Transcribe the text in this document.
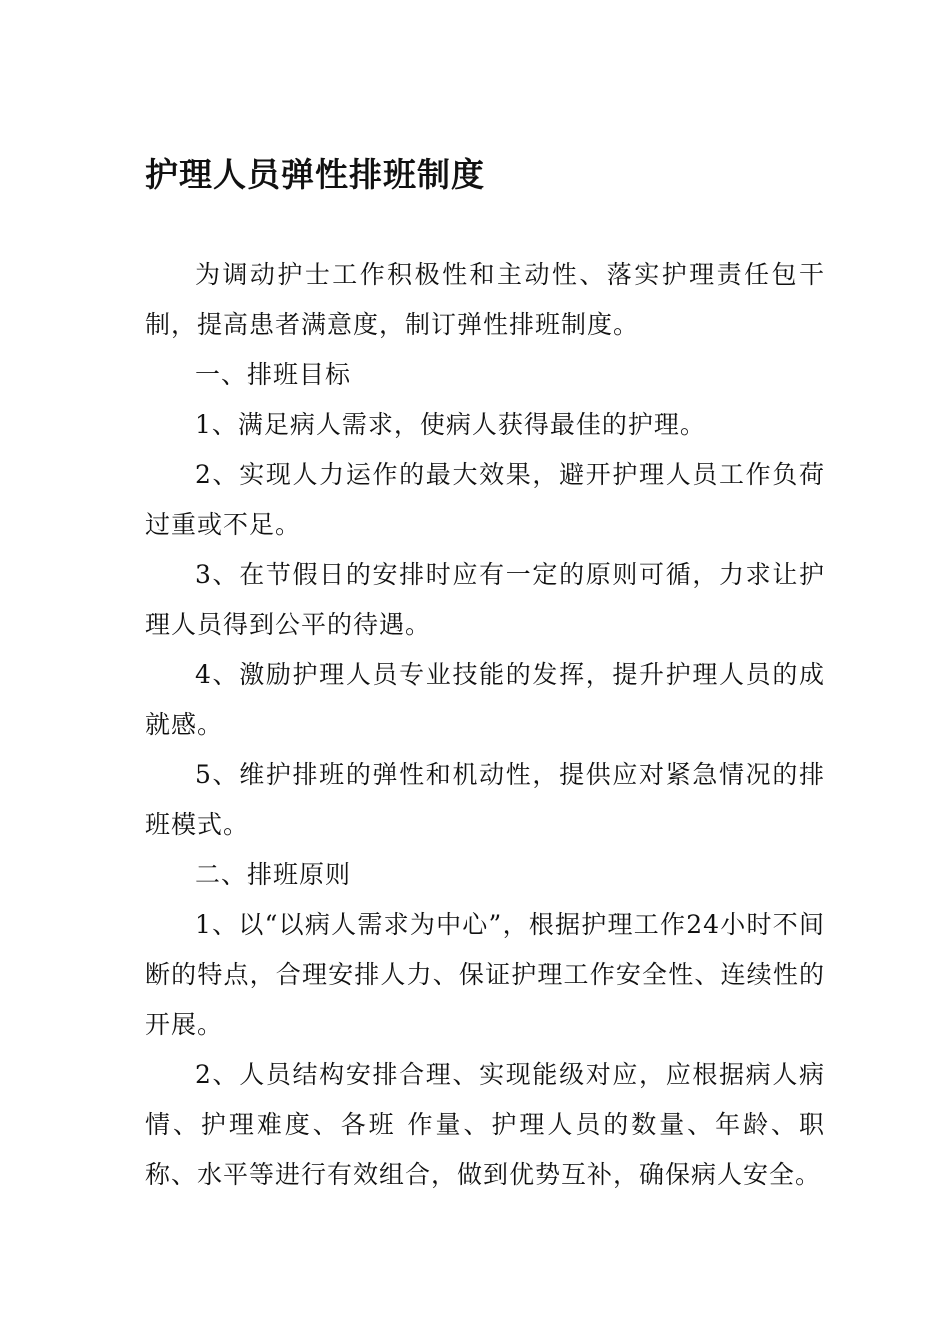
护理人员弹性排班制度

为调动护士工作积极性和主动性、落实护理责任包干制，提高患者满意度，制订弹性排班制度。

一、排班目标

1、满足病人需求，使病人获得最佳的护理。

2、实现人力运作的最大效果，避开护理人员工作负荷过重或不足。

3、在节假日的安排时应有一定的原则可循，力求让护理人员得到公平的待遇。

4、激励护理人员专业技能的发挥，提升护理人员的成就感。

5、维护排班的弹性和机动性，提供应对紧急情况的排班模式。

二、排班原则

1、以“以病人需求为中心”，根据护理工作24小时不间断的特点，合理安排人力、保证护理工作安全性、连续性的开展。

2、人员结构安排合理、实现能级对应，应根据病人病情、护理难度、各班 作量、护理人员的数量、年龄、职称、水平等进行有效组合，做到优势互补，确保病人安全。
